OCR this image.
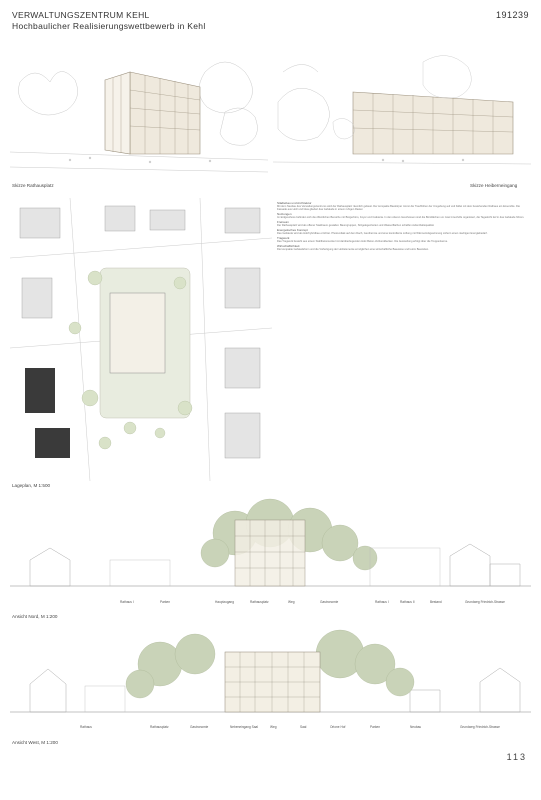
VERWALTUNGSZENTRUM KEHL
Hochbaulicher Realisierungswettbewerb in Kehl
191239
Skizze Rathausplatz	Skizze Heiberneingang
Lageplan, M 1:500
Städtebau und Architektur

Mit dem Neubau des Verwaltungszentrums wird der Rathausplatz räumlich gefasst. Der kompakte Baukörper nimmt die Traufhöhen der Umgebung auf und bildet mit dem bestehenden Rathaus ein Ensemble. Die Fassade aus Holz und Glas gliedert das Gebäude in einem ruhigen Raster.

Nutzungen

Im Erdgeschoss befinden sich die öffentlichen Bereiche mit Bürgerbüro, Foyer und Cafeteria. In den oberen Geschossen sind die Büroflächen um zwei Innenhöfe organisiert, die Tageslicht tief in das Gebäude führen.

Freiraum

Der Rathausplatz wird als offener Stadtraum gestaltet. Baumgruppen, Sitzgelegenheiten und Wasserflächen schaffen Aufenthaltsqualität.

Energetisches Konzept

Das Gebäude wird als Holzhybridbau errichtet. Photovoltaik auf dem Dach, Geothermie und eine kontrollierte Lüftung mit Wärmerückgewinnung sichern einen niedrigen Energiebedarf.

Tragwerk

Das Tragwerk besteht aus einem Stahlbetonsockel mit darüberliegenden Holz-Beton-Verbunddecken. Die Aussteifung erfolgt über die Treppenkerne.

Wirtschaftlichkeit

Die kompakte Gebäudeform und die Vorfertigung der Holzelemente ermöglichen eine wirtschaftliche Bauweise und kurze Bauzeiten.

Rathaus I	Parken	Hauptzugang	Rathausplatz	Weg	Gastronomie	Rathaus I	Rathaus II	Bestand	Grundweg Friedrich-Strasse
Ansicht Nord, M 1:200
Rathaus	Rathausplatz	Gastronomie	Nebeneingang Saal	Weg	Saal	Orione Hof	Parken	Neubau	Grundweg Friedrich-Strasse
Ansicht West, M 1:200
113
